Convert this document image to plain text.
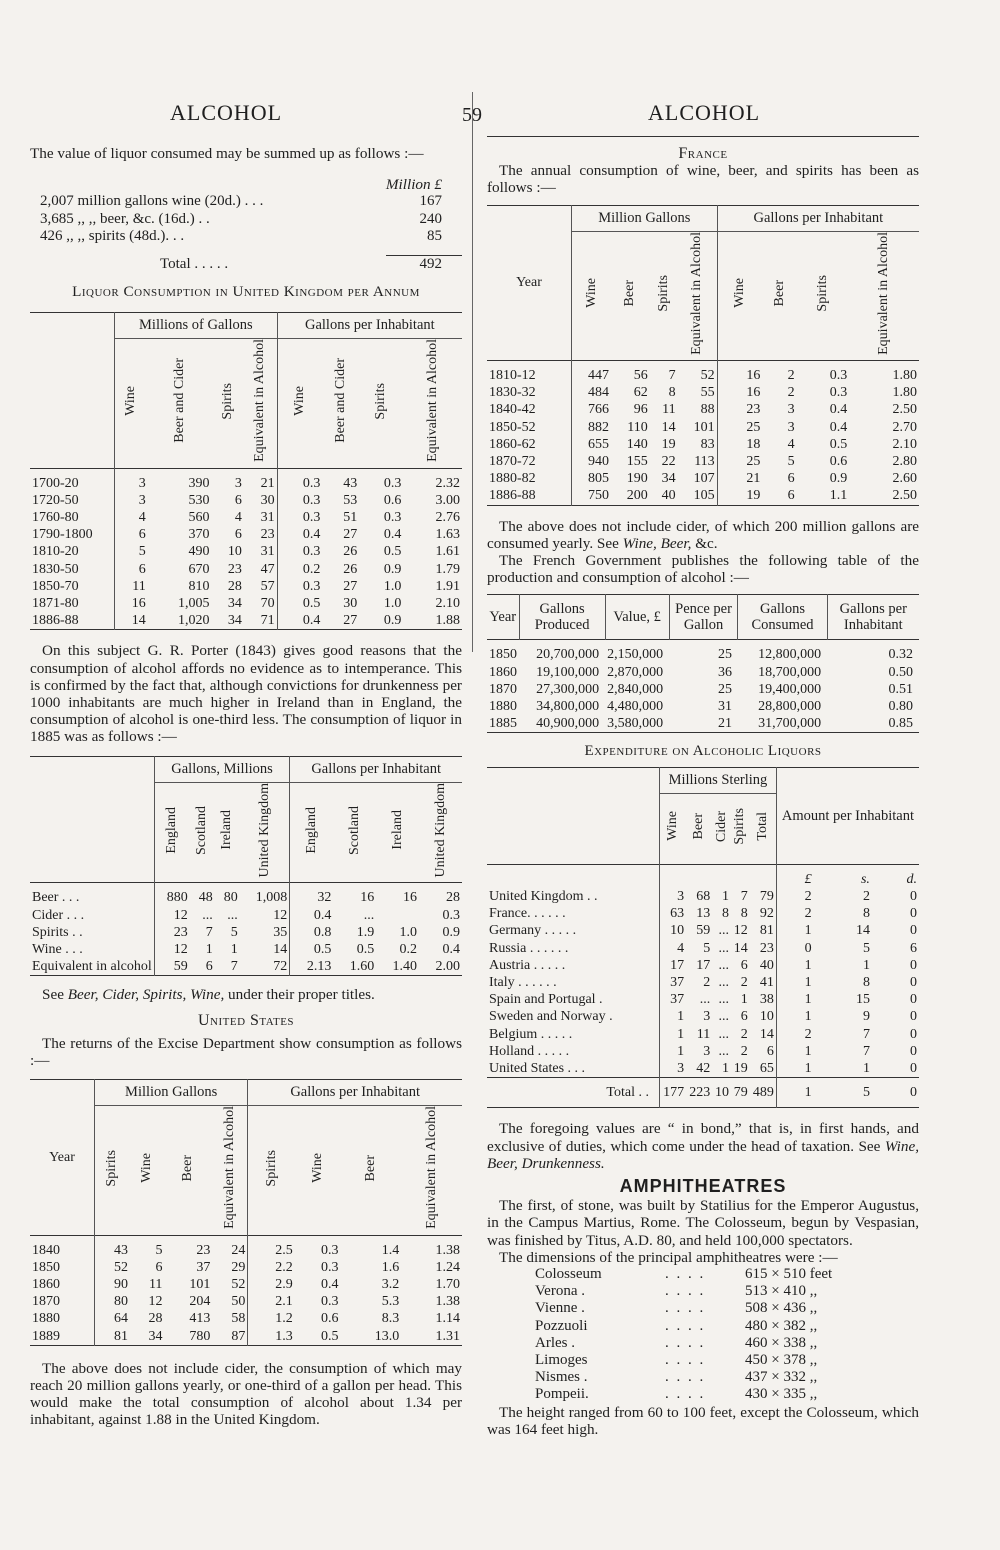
ALCOHOL	59	ALCOHOL

The value of liquor consumed may be summed up as follows :—

Million £
2,007 million gallons wine (20d.) . . .	167
3,685 ,, ,, beer, &c. (16d.) . .	240
426 ,, ,, spirits (48d.). . .	85
Total . . . . .	492

Liquor Consumption in United Kingdom per Annum

	Millions of Gallons				Gallons per Inhabitant			
	Wine	Beer and Cider	Spirits	Equivalent in Alcohol	Wine	Beer and Cider	Spirits	Equivalent in Alcohol
1700-20	3	390	3	21	0.3	43	0.3	2.32
1720-50	3	530	6	30	0.3	53	0.6	3.00
1760-80	4	560	4	31	0.3	51	0.3	2.76
1790-1800	6	370	6	23	0.4	27	0.4	1.63
1810-20	5	490	10	31	0.3	26	0.5	1.61
1830-50	6	670	23	47	0.2	26	0.9	1.79
1850-70	11	810	28	57	0.3	27	1.0	1.91
1871-80	16	1,005	34	70	0.5	30	1.0	2.10
1886-88	14	1,020	34	71	0.4	27	0.9	1.88

On this subject G. R. Porter (1843) gives good reasons that the consumption of alcohol affords no evidence as to intemperance. This is confirmed by the fact that, although convictions for drunkenness per 1000 inhabitants are much higher in Ireland than in England, the consumption of alcohol is one-third less. The consumption of liquor in 1885 was as follows :—

	Gallons, Millions				Gallons per Inhabitant			
	England	Scotland	Ireland	United Kingdom	England	Scotland	Ireland	United Kingdom
Beer . . .	880	48	80	1,008	32	16	16	28
Cider . . .	12	...	...	12	0.4	...		0.3
Spirits . .	23	7	5	35	0.8	1.9	1.0	0.9
Wine . . .	12	1	1	14	0.5	0.5	0.2	0.4
Equivalent in alcohol	59	6	7	72	2.13	1.60	1.40	2.00

See Beer, Cider, Spirits, Wine, under their proper titles.

United States

The returns of the Excise Department show consumption as follows :—

Year	Million Gallons				Gallons per Inhabitant			
	Spirits	Wine	Beer	Equivalent in Alcohol	Spirits	Wine	Beer	Equivalent in Alcohol
1840	43	5	23	24	2.5	0.3	1.4	1.38
1850	52	6	37	29	2.2	0.3	1.6	1.24
1860	90	11	101	52	2.9	0.4	3.2	1.70
1870	80	12	204	50	2.1	0.3	5.3	1.38
1880	64	28	413	58	1.2	0.6	8.3	1.14
1889	81	34	780	87	1.3	0.5	13.0	1.31

The above does not include cider, the consumption of which may reach 20 million gallons yearly, or one-third of a gallon per head. This would make the total consumption of alcohol about 1.34 per inhabitant, against 1.88 in the United Kingdom.

France

The annual consumption of wine, beer, and spirits has been as follows :—

Year	Million Gallons				Gallons per Inhabitant			
	Wine	Beer	Spirits	Equivalent in Alcohol	Wine	Beer	Spirits	Equivalent in Alcohol
1810-12	447	56	7	52	16	2	0.3	1.80
1830-32	484	62	8	55	16	2	0.3	1.80
1840-42	766	96	11	88	23	3	0.4	2.50
1850-52	882	110	14	101	25	3	0.4	2.70
1860-62	655	140	19	83	18	4	0.5	2.10
1870-72	940	155	22	113	25	5	0.6	2.80
1880-82	805	190	34	107	21	6	0.9	2.60
1886-88	750	200	40	105	19	6	1.1	2.50

The above does not include cider, of which 200 million gallons are consumed yearly. See Wine, Beer, &c.

The French Government publishes the following table of the production and consumption of alcohol :—

Year	Gallons Produced	Value, £	Pence per Gallon	Gallons Consumed	Gallons per Inhabitant
1850	20,700,000	2,150,000	25	12,800,000	0.32
1860	19,100,000	2,870,000	36	18,700,000	0.50
1870	27,300,000	2,840,000	25	19,400,000	0.51
1880	34,800,000	4,480,000	31	28,800,000	0.80
1885	40,900,000	3,580,000	21	31,700,000	0.85

Expenditure on Alcoholic Liquors

	Millions Sterling					Amount per Inhabitant		
	Wine	Beer	Cider	Spirits	Total			
						£	s.	d.
United Kingdom . .	3	68	1	7	79	2	2	0
France. . . . . .	63	13	8	8	92	2	8	0
Germany . . . . .	10	59	...	12	81	1	14	0
Russia . . . . . .	4	5	...	14	23	0	5	6
Austria . . . . .	17	17	...	6	40	1	1	0
Italy . . . . . .	37	2	...	2	41	1	8	0
Spain and Portugal .	37	...	...	1	38	1	15	0
Sweden and Norway .	1	3	...	6	10	1	9	0
Belgium . . . . .	1	11	...	2	14	2	7	0
Holland . . . . .	1	3	...	2	6	1	7	0
United States . . .	3	42	1	19	65	1	1	0
Total . .	177	223	10	79	489	1	5	0

The foregoing values are “ in bond,” that is, in first hands, and exclusive of duties, which come under the head of taxation. See Wine, Beer, Drunkenness.

AMPHITHEATRES

The first, of stone, was built by Statilius for the Emperor Augustus, in the Campus Martius, Rome. The Colosseum, begun by Vespasian, was finished by Titus, A.D. 80, and held 100,000 spectators.

The dimensions of the principal amphitheatres were :—

Colosseum	. . . .	615 × 510 feet
Verona .	. . . .	513 × 410 ,,
Vienne .	. . . .	508 × 436 ,,
Pozzuoli	. . . .	480 × 382 ,,
Arles .	. . . .	460 × 338 ,,
Limoges	. . . .	450 × 378 ,,
Nismes .	. . . .	437 × 332 ,,
Pompeii.	. . . .	430 × 335 ,,

The height ranged from 60 to 100 feet, except the Colosseum, which was 164 feet high.
